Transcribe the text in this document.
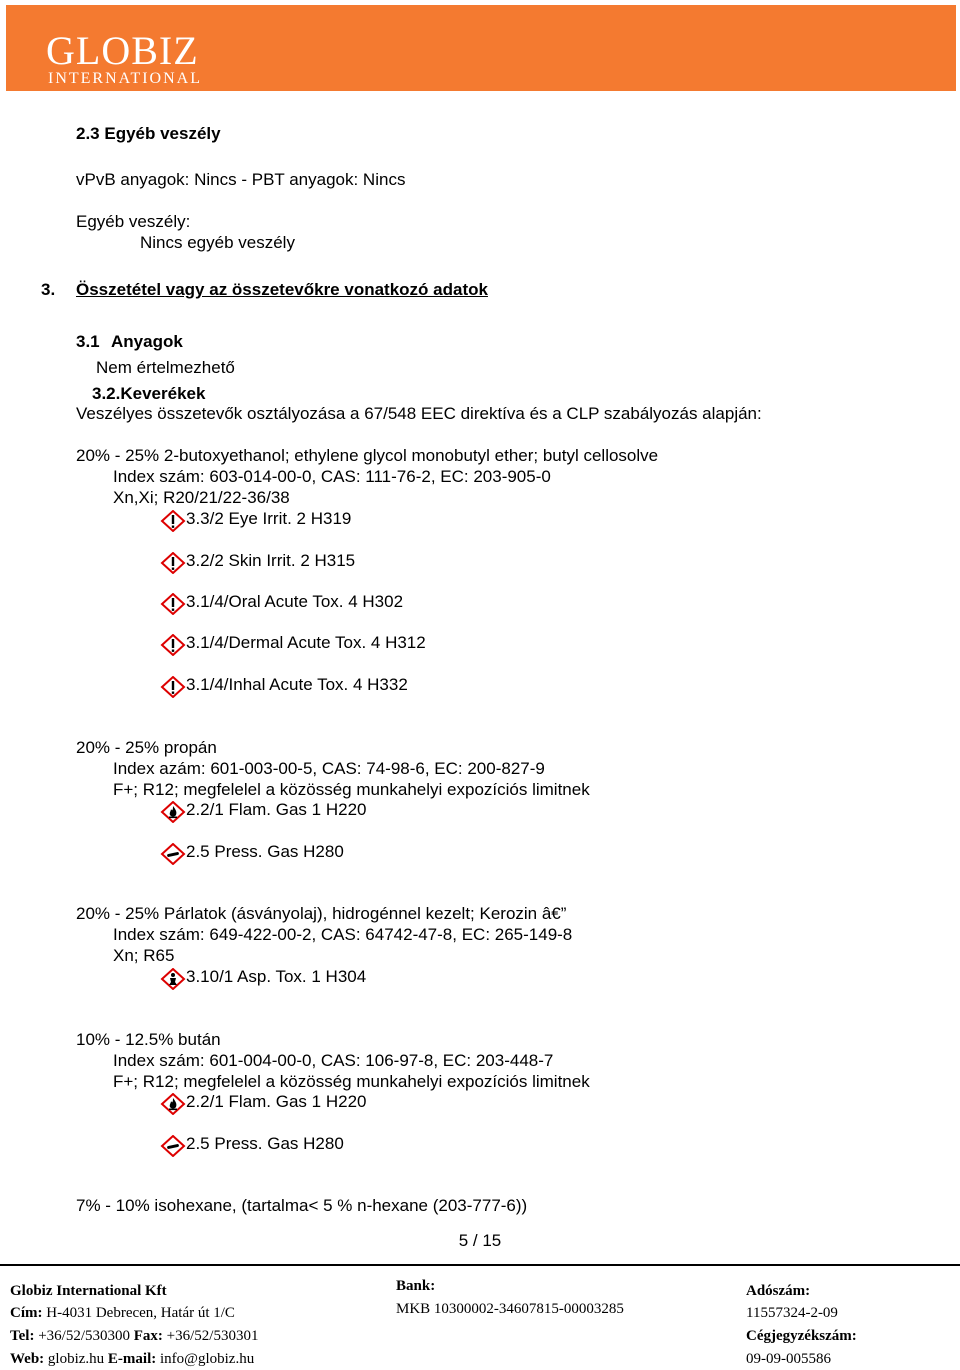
GLOBIZ
INTERNATIONAL
2.3 Egyéb veszély
vPvB anyagok: Nincs - PBT anyagok: Nincs
Egyéb veszély:
Nincs egyéb veszély
3. Összetétel vagy az összetevőkre vonatkozó adatok
3.1 Anyagok
Nem értelmezhető
3.2.Keverékek
Veszélyes összetevők osztályozása a 67/548 EEC direktíva és a CLP szabályozás alapján:
20% - 25% 2-butoxyethanol; ethylene glycol monobutyl ether; butyl cellosolve
Index szám: 603-014-00-0, CAS: 111-76-2, EC: 203-905-0
Xn,Xi; R20/21/22-36/38
3.3/2 Eye Irrit. 2 H319
3.2/2 Skin Irrit. 2 H315
3.1/4/Oral Acute Tox. 4 H302
3.1/4/Dermal Acute Tox. 4 H312
3.1/4/Inhal Acute Tox. 4 H332
20% - 25% propán
Index azám: 601-003-00-5, CAS: 74-98-6, EC: 200-827-9
F+; R12; megfelelel a közösség munkahelyi expozíciós limitnek
2.2/1 Flam. Gas 1 H220
2.5 Press. Gas H280
20% - 25% Párlatok (ásványolaj), hidrogénnel kezelt; Kerozin â€”
Index szám: 649-422-00-2, CAS: 64742-47-8, EC: 265-149-8
Xn; R65
3.10/1 Asp. Tox. 1 H304
10% - 12.5% bután
Index szám: 601-004-00-0, CAS: 106-97-8, EC: 203-448-7
F+; R12; megfelelel a közösség munkahelyi expozíciós limitnek
2.2/1 Flam. Gas 1 H220
2.5 Press. Gas H280
7% - 10% isohexane, (tartalma< 5 % n-hexane (203-777-6))
5 / 15
Globiz International Kft
Cím: H-4031 Debrecen, Határ út 1/C
Tel: +36/52/530300 Fax: +36/52/530301
Web: globiz.hu E-mail: info@globiz.hu
Bank:
MKB 10300002-34607815-00003285
Adószám:
11557324-2-09
Cégjegyzékszám:
09-09-005586
